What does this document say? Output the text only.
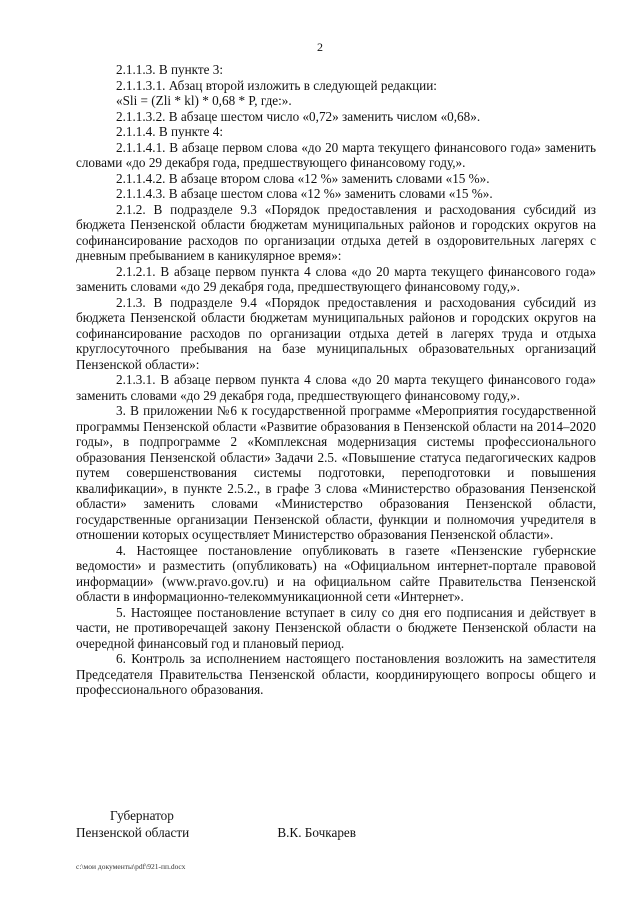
2

2.1.1.3. В пункте 3:

2.1.1.3.1. Абзац второй изложить в следующей редакции:

«Sli = (Zli * kl) * 0,68 * P, где:».

2.1.1.3.2. В абзаце шестом число «0,72» заменить числом «0,68».

2.1.1.4. В пункте 4:

2.1.1.4.1. В абзаце первом слова «до 20 марта текущего финансового года» заменить словами «до 29 декабря года, предшествующего финансовому году,».

2.1.1.4.2. В абзаце втором слова «12 %» заменить словами «15 %».

2.1.1.4.3. В абзаце шестом слова «12 %» заменить словами «15 %».

2.1.2. В подразделе 9.3 «Порядок предоставления и расходования субсидий из бюджета Пензенской области бюджетам муниципальных районов и городских округов на софинансирование расходов по организации отдыха детей в оздоровительных лагерях с дневным пребыванием в каникулярное время»:

2.1.2.1. В абзаце первом пункта 4 слова «до 20 марта текущего финансового года» заменить словами «до 29 декабря года, предшествующего финансовому году,».

2.1.3. В подразделе 9.4 «Порядок предоставления и расходования субсидий из бюджета Пензенской области бюджетам муниципальных районов и городских округов на софинансирование расходов по организации отдыха детей в лагерях труда и отдыха круглосуточного пребывания на базе муниципальных образовательных организаций Пензенской области»:

2.1.3.1. В абзаце первом пункта 4 слова «до 20 марта текущего финансового года» заменить словами «до 29 декабря года, предшествующего финансовому году,».

3. В приложении №6 к государственной программе «Мероприятия государственной программы Пензенской области «Развитие образования в Пензенской области на 2014–2020 годы», в подпрограмме 2 «Комплексная модернизация системы профессионального образования Пензенской области» Задачи 2.5. «Повышение статуса педагогических кадров путем совершенствования системы подготовки, переподготовки и повышения квалификации», в пункте 2.5.2., в графе 3 слова «Министерство образования Пензенской области» заменить словами «Министерство образования Пензенской области, государственные организации Пензенской области, функции и полномочия учредителя в отношении которых осуществляет Министерство образования Пензенской области».

4. Настоящее постановление опубликовать в газете «Пензенские губернские ведомости» и разместить (опубликовать) на «Официальном интернет-портале правовой информации» (www.pravo.gov.ru) и на официальном сайте Правительства Пензенской области в информационно-телекоммуникационной сети «Интернет».

5. Настоящее постановление вступает в силу со дня его подписания и действует в части, не противоречащей закону Пензенской области о бюджете Пензенской области на очередной финансовый год и плановый период.

6. Контроль за исполнением настоящего постановления возложить на заместителя Председателя Правительства Пензенской области, координирующего вопросы общего и профессионального образования.

Губернатор

Пензенской области	В.К. Бочкарев
c:\мои документы\pdf\921-пп.docx
